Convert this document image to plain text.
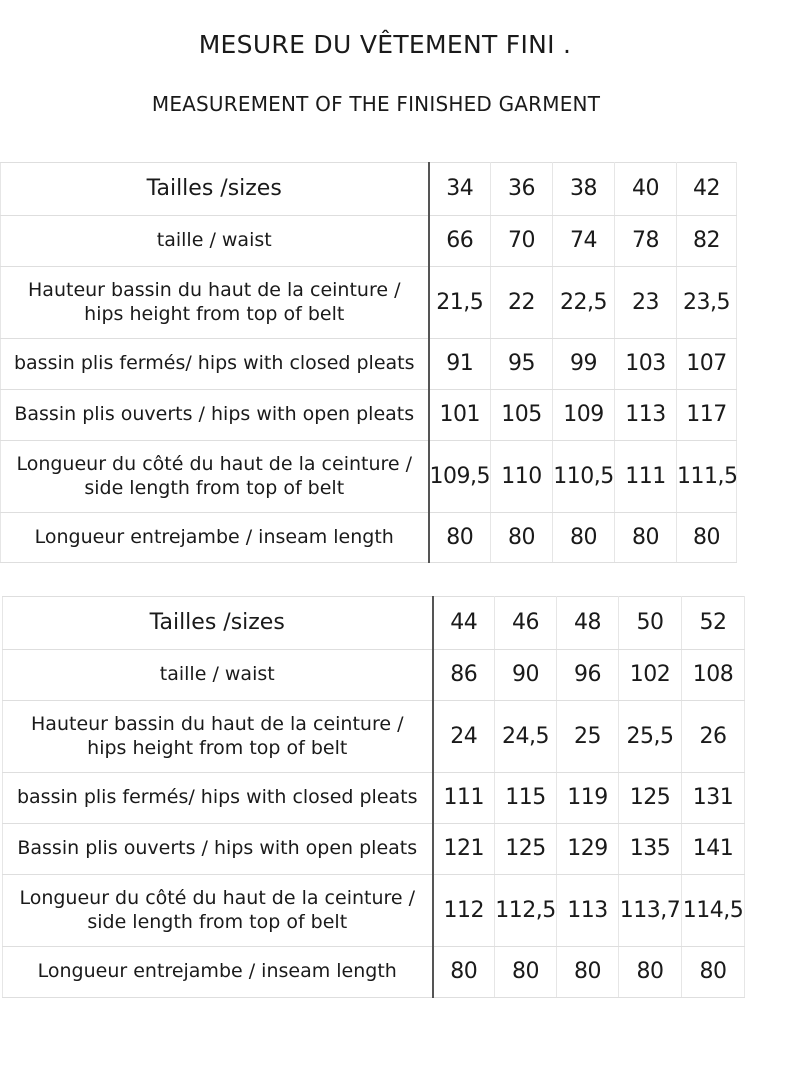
MESURE DU VÊTEMENT FINI .
MEASUREMENT OF THE FINISHED GARMENT
Tailles /sizes	34	36	38	40	42
taille / waist	66	70	74	78	82
Hauteur bassin du haut de la ceinture / hips height from top of belt	21,5	22	22,5	23	23,5
bassin plis fermés/ hips with closed pleats	91	95	99	103	107
Bassin plis ouverts / hips with open pleats	101	105	109	113	117
Longueur du côté du haut de la ceinture / side length from top of belt	109,5	110	110,5	111	111,5
Longueur entrejambe / inseam length	80	80	80	80	80
Tailles /sizes	44	46	48	50	52
taille / waist	86	90	96	102	108
Hauteur bassin du haut de la ceinture / hips height from top of belt	24	24,5	25	25,5	26
bassin plis fermés/ hips with closed pleats	111	115	119	125	131
Bassin plis ouverts / hips with open pleats	121	125	129	135	141
Longueur du côté du haut de la ceinture / side length from top of belt	112	112,5	113	113,7	114,5
Longueur entrejambe / inseam length	80	80	80	80	80
